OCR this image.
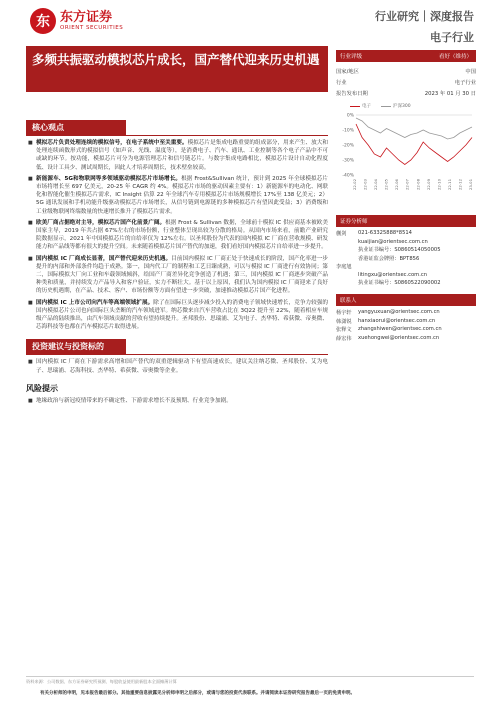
东 东方证券
ORIENT SECURITIES
行业研究｜深度报告
电子行业
多频共振驱动模拟芯片成长，国产替代迎来历史机遇
核心观点

■ 模拟芯片负责处理连续的模拟信号，在电子系统中至关重要。模拟芯片是集成电路重要的组成部分，用来产生、放大和处理连续函数形式的模拟信号（如声音、光线、温度等），是消费电子、汽车、通讯、工业控制等各个电子产品中不可或缺的环节。按功能，模拟芯片可分为电源管理芯片和信号链芯片。与数字集成电路相比，模拟芯片设计自动化程度低、设计工具少、测试周期长，因此人才培养周期长，技术壁垒较高。

■ 新能源车、5G和物联网等多领域驱动模拟芯片市场增长。根据 Frost&Sullivan 统计，预计到 2025 年全球模拟芯片市场将增长至 697 亿美元，20-25 年 CAGR 约 4%。模拟芯片市场的驱动因素主要有：1）新能源车的电动化、网联化和智能化催生模拟芯片需求，IC Insight 估算 22 年全球汽车专用模拟芯片市场规模增长 17%至 138 亿美元；2）5G 通讯发展和手机功能升级驱动模拟芯片市场增长，从信号链到电源链的多种模拟芯片有望因此受益；3）消费级和工业级物联网终端数量的快速增长推升了模拟芯片需求。

■ 欧美厂商占据绝对主导，模拟芯片国产化前景广阔。根据 Frost & Sullivan 数据，全球前十模拟 IC 供应商基本被欧美国家主导，2019 年共占据 67%左右的市场份额，行业整体呈现出较为分散的格局。从国内市场来看，前瞻产业研究院数据显示，2021 年中国模拟芯片的自给率仅为 12%左右。以圣邦股份为代表的国内模拟 IC 厂商在营收规模、研发能力和产品线等都有很大的提升空间。未来随着模拟芯片国产替代的加速，我们看好国内模拟芯片自给率进一步提升。

■ 国内模拟 IC 厂商成长显著，国产替代迎来历史机遇。目前国内模拟 IC 厂商正处于快速成长的阶段，国产化率进一步提升的内部和外部条件均趋于成熟。第一，国内代工厂的制程和工艺日臻成熟，可以与模拟 IC 厂商进行有效协同；第二，国际模拟大厂向工业和车载领域倾斜，给国产厂商差异化竞争创造了机遇；第三，国内模拟 IC 厂商逐步突破产品种类和质量，并持续发力产品导入和客户验证，实力不断壮大。基于以上原因，我们认为国内模拟 IC 厂商迎来了良好的历史机遇期，在产品、技术、客户、市场份额等方面有望进一步突破，加速推动模拟芯片国产化进程。

■ 国内模拟 IC 上市公司向汽车等高端领域扩展。除了在国际巨头逐步减少投入的消费电子领域快速增长，竞争力较强的国内模拟芯片公司也向国际巨头垄断的汽车领域进军。纳芯微来自汽车营收占比在 3Q22 提升至 22%，随着相应车规级产品的陆续推出，由汽车领域贡献的营收有望持续提升。圣邦股份、思瑞浦、艾为电子、杰华特、希荻微、帝奥微、芯海科技等也都在汽车模拟芯片取得进展。

投资建议与投资标的

■ 国内模拟 IC 厂商在下游需求高增和国产替代的双重逻辑驱动下有望高速成长，建议关注纳芯微、圣邦股份、艾为电子、思瑞浦、芯海科技、杰华特、希荻微、帝奥微等企业。

风险提示

■ 地缘政治与新冠疫情带来的不确定性、下游需求增长不及预期、行业竞争加剧。

行业评级	看好（维持）
国家/地区	中国
行业	电子行业
报告发布日期	2023 年 01 月 30 日
电子	沪深300
0%
-10%
-20%
-30%
-40%
22-02 22-03 22-04 22-05 22-06 22-07 22-08 22-09 22-10 22-11 22-12 23-01
证券分析师
蒯剑	021-63325888*8514
kuaijian@orientsec.com.cn
执业证书编号：S0860514050005
香港证监会牌照：BPT856
李庭旭
litingxu@orientsec.com.cn
执业证书编号：S0860522090002
联系人
杨宇轩	yangyuxuan@orientsec.com.cn
韩潇锐	hanxiaorui@orientsec.com.cn
张释文	zhangshiwen@orientsec.com.cn
薛宏伟	xuehongwei@orientsec.com.cn
资料来源：公司数据、东方证券研究所预测、每股收益使用最新股本全面摊薄计算
有关分析师的申明，见本报告最后部分。其他重要信息披露见分析师申明之后部分，或请与您的投资代表联系。并请阅读本证券研究报告最后一页的免责申明。
